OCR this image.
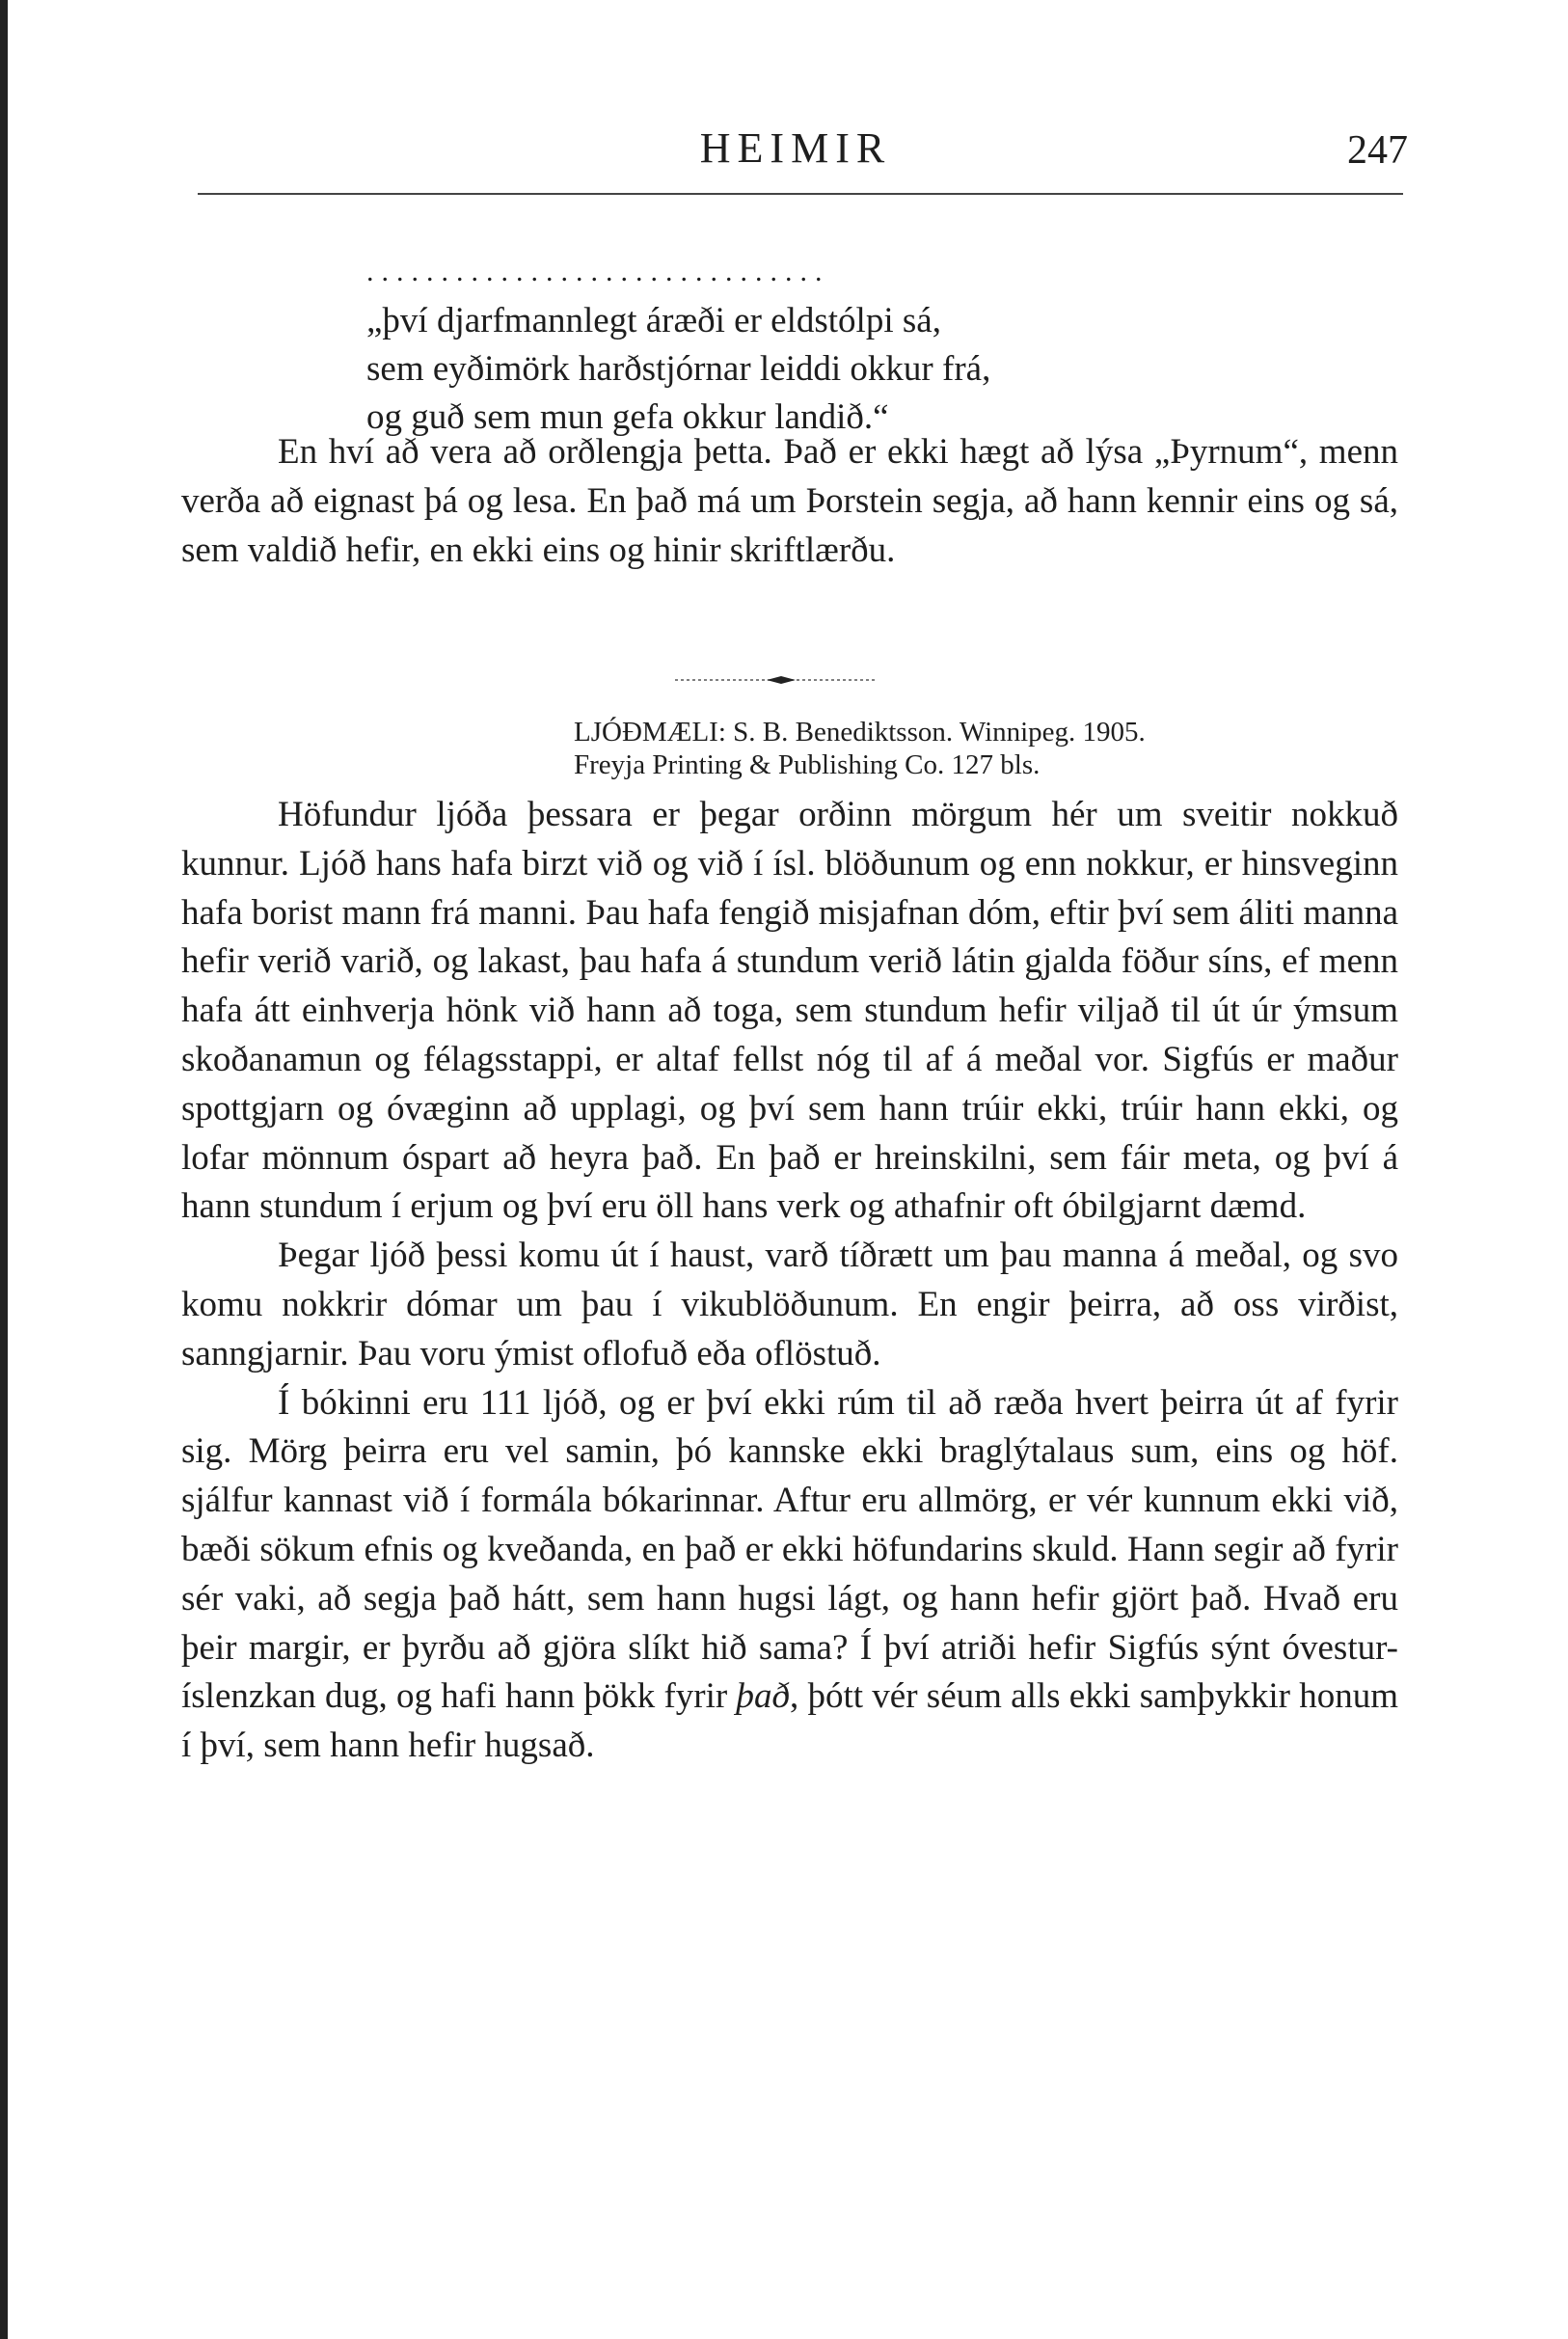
HEIMIR	247
...............................
„því djarfmannlegt áræði er eldstólpi sá,
sem eyðimörk harðstjórnar leiddi okkur frá,
og guð sem mun gefa okkur landið.“

En hví að vera að orðlengja þetta. Það er ekki hægt að lýsa „Þyrnum“, menn verða að eignast þá og lesa. En það má um Þorstein segja, að hann kennir eins og sá, sem valdið hefir, en ekki eins og hinir skriftlærðu.

LJÓÐMÆLI: S. B. Benediktsson. Winnipeg. 1905.
Freyja Printing & Publishing Co. 127 bls.

Höfundur ljóða þessara er þegar orðinn mörgum hér um sveitir nokkuð kunnur. Ljóð hans hafa birzt við og við í ísl. blöðunum og enn nokkur, er hinsveginn hafa borist mann frá manni. Þau hafa fengið misjafnan dóm, eftir því sem áliti manna hefir verið varið, og lakast, þau hafa á stundum verið látin gjalda föður síns, ef menn hafa átt einhverja hönk við hann að toga, sem stundum hefir viljað til út úr ýmsum skoðanamun og félagsstappi, er altaf fellst nóg til af á meðal vor. Sigfús er maður spottgjarn og óvæginn að upplagi, og því sem hann trúir ekki, trúir hann ekki, og lofar mönnum óspart að heyra það. En það er hreinskilni, sem fáir meta, og því á hann stundum í erjum og því eru öll hans verk og athafnir oft óbilgjarnt dæmd.

Þegar ljóð þessi komu út í haust, varð tíðrætt um þau manna á meðal, og svo komu nokkrir dómar um þau í vikublöðunum. En engir þeirra, að oss virðist, sanngjarnir. Þau voru ýmist oflofuð eða oflöstuð.

Í bókinni eru 111 ljóð, og er því ekki rúm til að ræða hvert þeirra út af fyrir sig. Mörg þeirra eru vel samin, þó kannske ekki braglýtalaus sum, eins og höf. sjálfur kannast við í formála bókarinnar. Aftur eru allmörg, er vér kunnum ekki við, bæði sökum efnis og kveðanda, en það er ekki höfundarins skuld. Hann segir að fyrir sér vaki, að segja það hátt, sem hann hugsi lágt, og hann hefir gjört það. Hvað eru þeir margir, er þyrðu að gjöra slíkt hið sama? Í því atriði hefir Sigfús sýnt óvestur-íslenzkan dug, og hafi hann þökk fyrir það, þótt vér séum alls ekki samþykkir honum í því, sem hann hefir hugsað.
